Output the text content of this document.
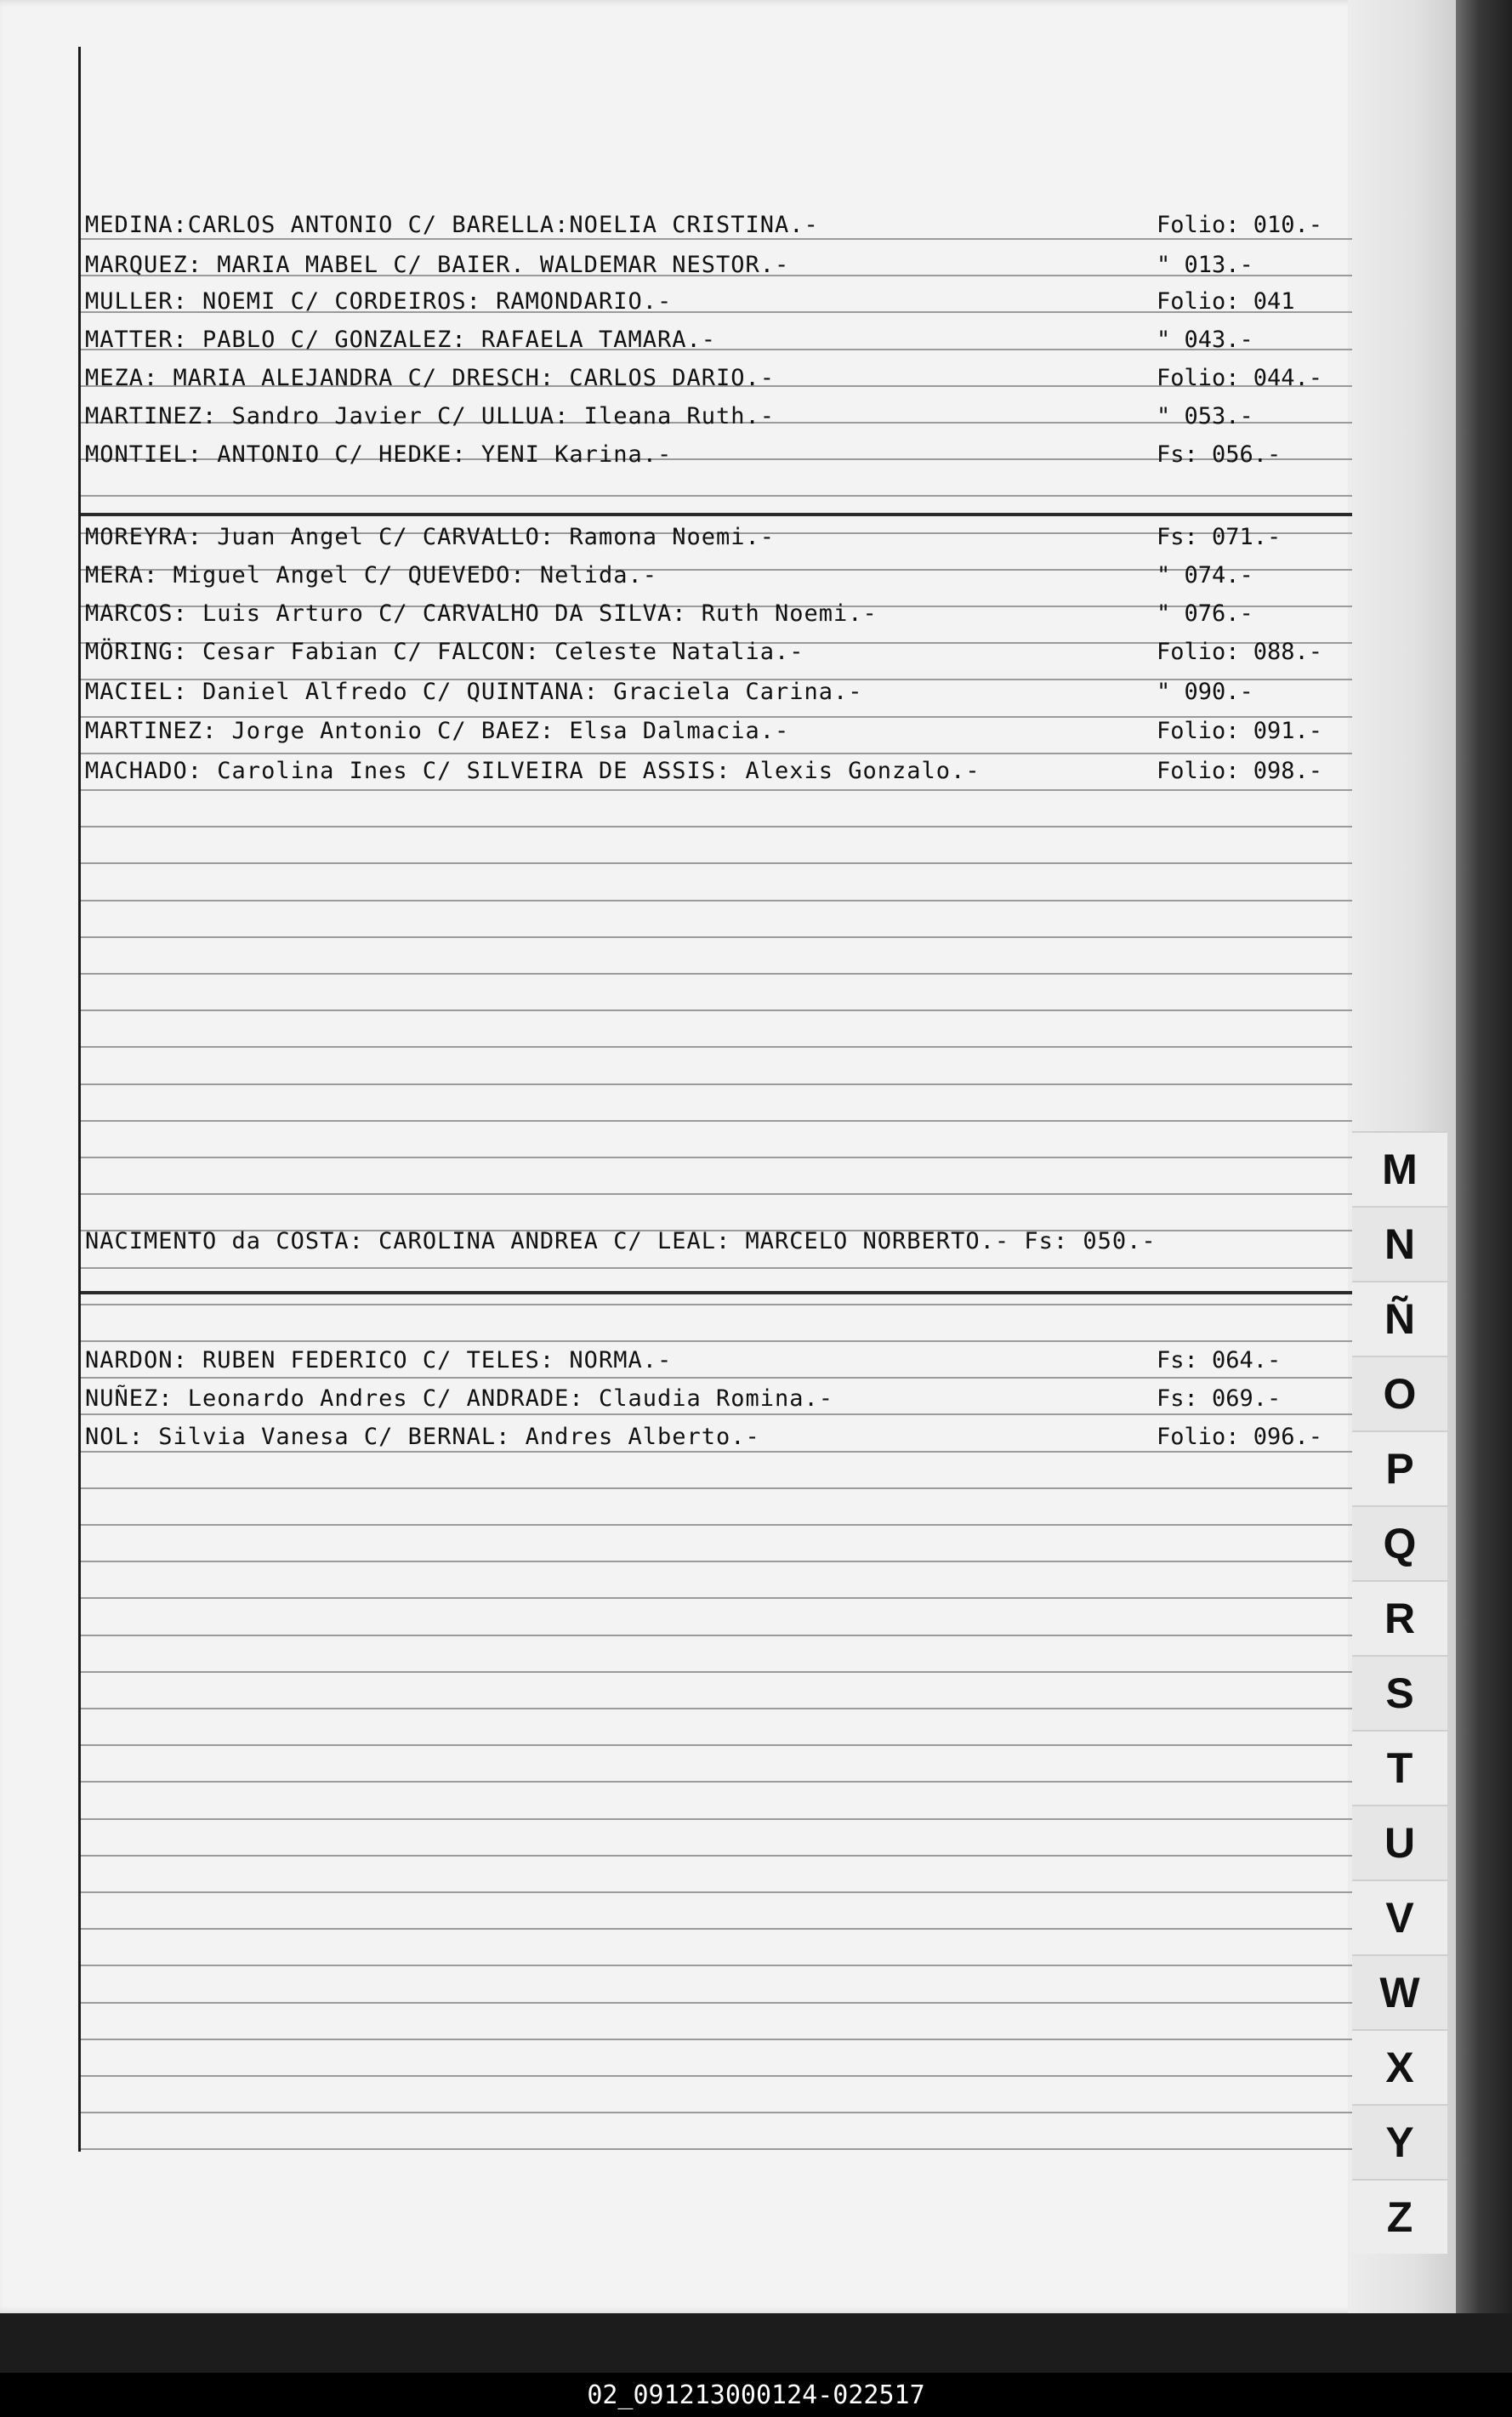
MEDINA:CARLOS ANTONIO C/ BARELLA:NOELIA CRISTINA.-	Folio: 010.-
MARQUEZ: MARIA MABEL C/ BAIER. WALDEMAR NESTOR.-	" 013.-
MULLER: NOEMI C/ CORDEIROS: RAMONDARIO.-	Folio: 041
MATTER: PABLO C/ GONZALEZ: RAFAELA TAMARA.-	" 043.-
MEZA: MARIA ALEJANDRA C/ DRESCH: CARLOS DARIO.-	Folio: 044.-
MARTINEZ: Sandro Javier C/ ULLUA: Ileana Ruth.-	" 053.-
MONTIEL: ANTONIO C/ HEDKE: YENI Karina.-	Fs: 056.-
MOREYRA: Juan Angel C/ CARVALLO: Ramona Noemi.-	Fs: 071.-
MERA: Miguel Angel C/ QUEVEDO: Nelida.-	" 074.-
MARCOS: Luis Arturo C/ CARVALHO DA SILVA: Ruth Noemi.-	" 076.-
MÖRING: Cesar Fabian C/ FALCON: Celeste Natalia.-	Folio: 088.-
MACIEL: Daniel Alfredo C/ QUINTANA: Graciela Carina.-	" 090.-
MARTINEZ: Jorge Antonio C/ BAEZ: Elsa Dalmacia.-	Folio: 091.-
MACHADO: Carolina Ines C/ SILVEIRA DE ASSIS: Alexis Gonzalo.-	Folio: 098.-
NACIMENTO da COSTA: CAROLINA ANDREA C/ LEAL: MARCELO NORBERTO.- Fs: 050.-
NARDON: RUBEN FEDERICO C/ TELES: NORMA.-	Fs: 064.-
NUÑEZ: Leonardo Andres C/ ANDRADE: Claudia Romina.-	Fs: 069.-
NOL: Silvia Vanesa C/ BERNAL: Andres Alberto.-	Folio: 096.-
M
N
Ñ
O
P
Q
R
S
T
U
V
W
X
Y
Z
02_091213000124-022517
